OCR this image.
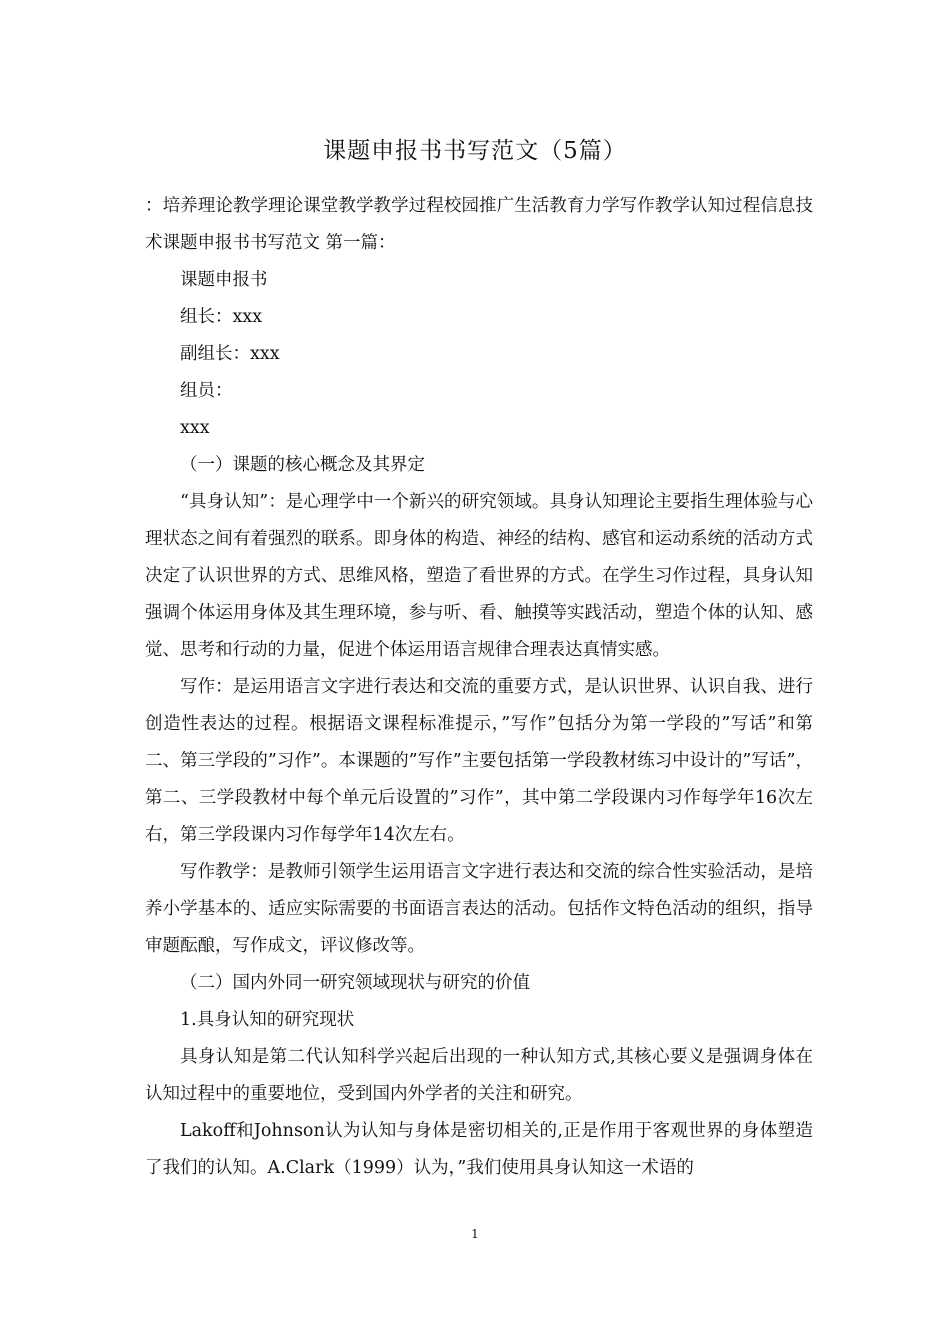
课题申报书书写范文（5篇）

：培养理论教学理论课堂教学教学过程校园推广生活教育力学写作教学认知过程信息技术课题申报书书写范文 第一篇：

课题申报书

组长：xxx

副组长：xxx

组员：

xxx

（一）课题的核心概念及其界定

“具身认知”：是心理学中一个新兴的研究领域。具身认知理论主要指生理体验与心理状态之间有着强烈的联系。即身体的构造、神经的结构、感官和运动系统的活动方式决定了认识世界的方式、思维风格，塑造了看世界的方式。在学生习作过程，具身认知强调个体运用身体及其生理环境，参与听、看、触摸等实践活动，塑造个体的认知、感觉、思考和行动的力量，促进个体运用语言规律合理表达真情实感。

写作：是运用语言文字进行表达和交流的重要方式，是认识世界、认识自我、进行创造性表达的过程。根据语文课程标准提示，”写作”包括分为第一学段的”写话”和第二、第三学段的”习作”。本课题的”写作”主要包括第一学段教材练习中设计的”写话”，第二、三学段教材中每个单元后设置的”习作”，其中第二学段课内习作每学年16次左右，第三学段课内习作每学年14次左右。

写作教学：是教师引领学生运用语言文字进行表达和交流的综合性实验活动，是培养小学基本的、适应实际需要的书面语言表达的活动。包括作文特色活动的组织，指导审题酝酿，写作成文，评议修改等。

（二）国内外同一研究领域现状与研究的价值

1.具身认知的研究现状

具身认知是第二代认知科学兴起后出现的一种认知方式,其核心要义是强调身体在认知过程中的重要地位，受到国内外学者的关注和研究。

Lakoff和Johnson认为认知与身体是密切相关的,正是作用于客观世界的身体塑造了我们的认知。A.Clark（1999）认为，”我们使用具身认知这一术语的

1
